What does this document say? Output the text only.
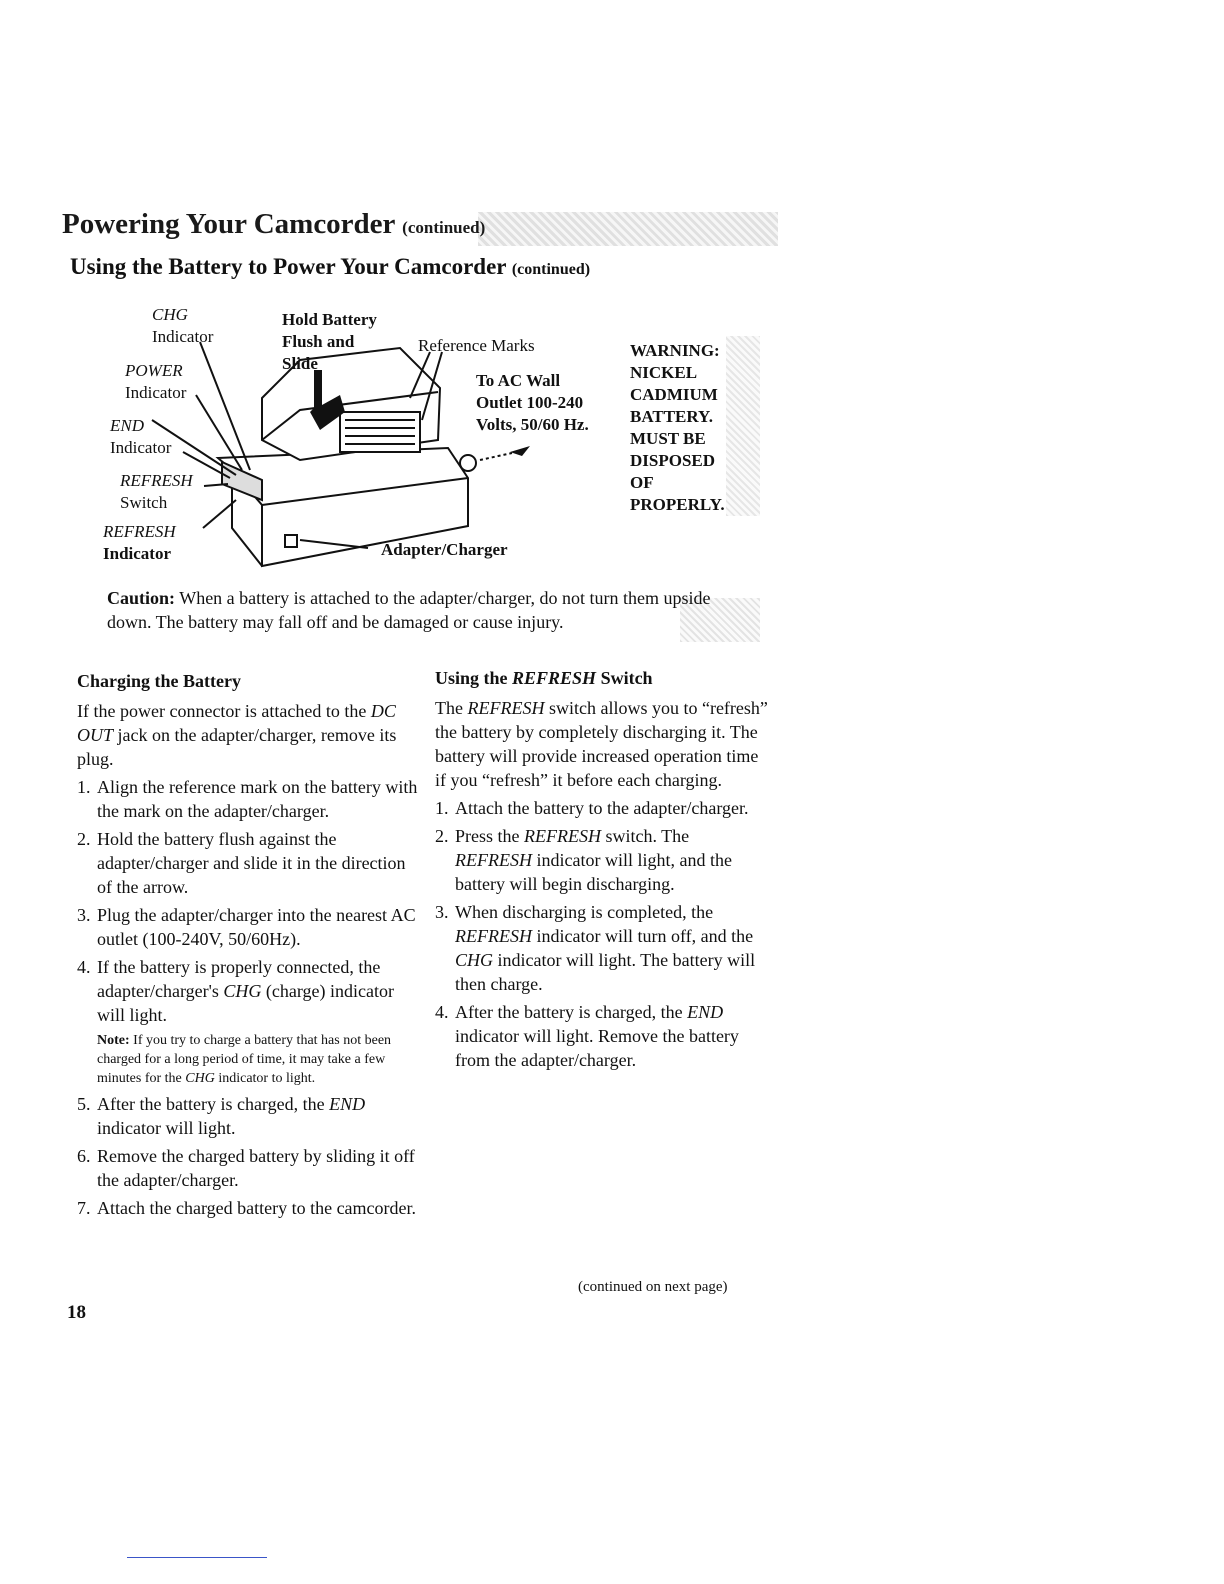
Powering Your Camcorder (continued)
Using the Battery to Power Your Camcorder (continued)
CHG
Indicator
POWER
Indicator
END
Indicator
REFRESH
Switch
REFRESH
Indicator
Hold Battery
Flush and
Slide
Reference Marks
To AC Wall
Outlet 100-240
Volts, 50/60 Hz.
Adapter/Charger
WARNING:
NICKEL
CADMIUM
BATTERY.
MUST BE
DISPOSED
OF
PROPERLY.
Caution: When a battery is attached to the adapter/charger, do not turn them upside down. The battery may fall off and be damaged or cause injury.
Charging the Battery

If the power connector is attached to the DC OUT jack on the adapter/charger, remove its plug.

1. Align the reference mark on the battery with the mark on the adapter/charger.
2. Hold the battery flush against the adapter/charger and slide it in the direction of the arrow.
3. Plug the adapter/charger into the nearest AC outlet (100-240V, 50/60Hz).
4. If the battery is properly connected, the adapter/charger's CHG (charge) indicator will light.
Note: If you try to charge a battery that has not been charged for a long period of time, it may take a few minutes for the CHG indicator to light.
5. After the battery is charged, the END indicator will light.
6. Remove the charged battery by sliding it off the adapter/charger.
7. Attach the charged battery to the camcorder.
Using the REFRESH Switch

The REFRESH switch allows you to “refresh” the battery by completely discharging it. The battery will provide increased operation time if you “refresh” it before each charging.

1. Attach the battery to the adapter/charger.
2. Press the REFRESH switch. The REFRESH indicator will light, and the battery will begin discharging.
3. When discharging is completed, the REFRESH indicator will turn off, and the CHG indicator will light. The battery will then charge.
4. After the battery is charged, the END indicator will light. Remove the battery from the adapter/charger.
(continued on next page)
18
